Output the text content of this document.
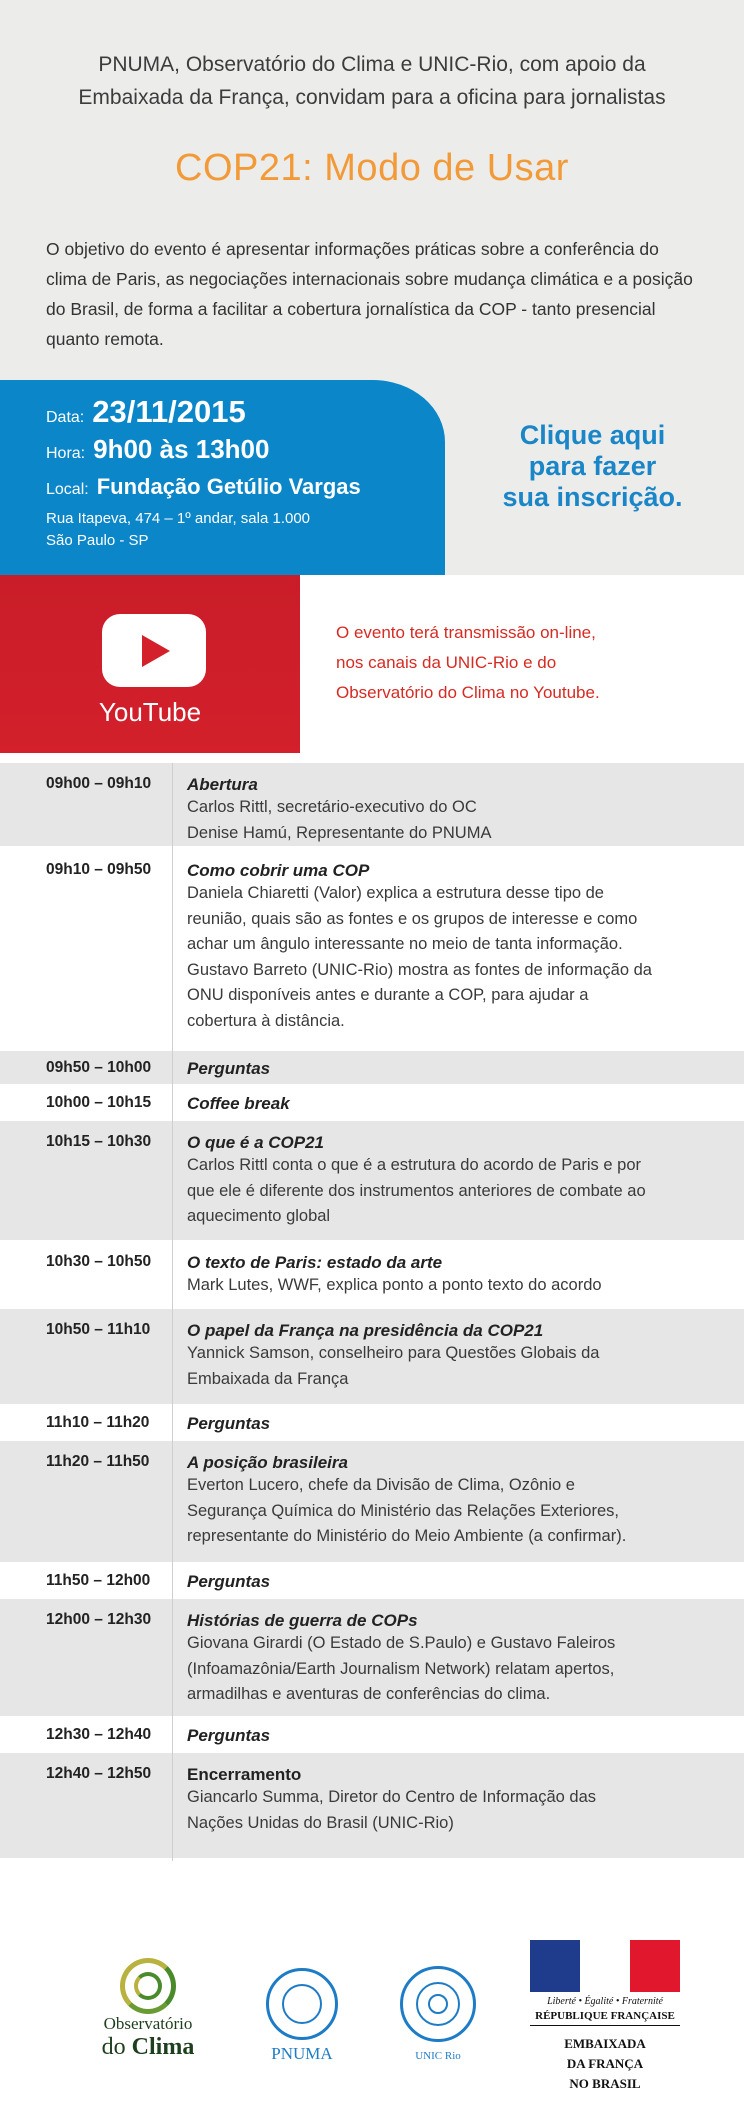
PNUMA, Observatório do Clima e UNIC-Rio, com apoio da Embaixada da França, convidam para a oficina para jornalistas
COP21: Modo de Usar
O objetivo do evento é apresentar informações práticas sobre a conferência do clima de Paris, as negociações internacionais sobre mudança climática e a posição do Brasil, de forma a facilitar a cobertura jornalística da COP - tanto presencial quanto remota.
Data: 23/11/2015
Hora: 9h00 às 13h00
Local: Fundação Getúlio Vargas
Rua Itapeva, 474 – 1º andar, sala 1.000
São Paulo - SP
Clique aqui
para fazer
sua inscrição.
YouTube
O evento terá transmissão on-line,
nos canais da UNIC-Rio e do
Observatório do Clima no Youtube.
09h00 – 09h10	Abertura
Carlos Rittl, secretário-executivo do OC
Denise Hamú, Representante do PNUMA
09h10 – 09h50	Como cobrir uma COP
Daniela Chiaretti (Valor) explica a estrutura desse tipo de
reunião, quais são as fontes e os grupos de interesse e como
achar um ângulo interessante no meio de tanta informação.
Gustavo Barreto (UNIC-Rio) mostra as fontes de informação da
ONU disponíveis antes e durante a COP, para ajudar a
cobertura à distância.
09h50 – 10h00	Perguntas
10h00 – 10h15	Coffee break
10h15 – 10h30	O que é a COP21
Carlos Rittl conta o que é a estrutura do acordo de Paris e por
que ele é diferente dos instrumentos anteriores de combate ao
aquecimento global
10h30 – 10h50	O texto de Paris: estado da arte
Mark Lutes, WWF, explica ponto a ponto texto do acordo
10h50 – 11h10	O papel da França na presidência da COP21
Yannick Samson, conselheiro para Questões Globais da
Embaixada da França
11h10 – 11h20	Perguntas
11h20 – 11h50	A posição brasileira
Everton Lucero, chefe da Divisão de Clima, Ozônio e
Segurança Química do Ministério das Relações Exteriores,
representante do Ministério do Meio Ambiente (a confirmar).
11h50 – 12h00	Perguntas
12h00 – 12h30	Histórias de guerra de COPs
Giovana Girardi (O Estado de S.Paulo) e Gustavo Faleiros
(Infoamazônia/Earth Journalism Network) relatam apertos,
armadilhas e aventuras de conferências do clima.
12h30 – 12h40	Perguntas
12h40 – 12h50	Encerramento
Giancarlo Summa, Diretor do Centro de Informação das
Nações Unidas do Brasil (UNIC-Rio)
Observatório
do Clima	PNUMA	UNIC Rio
Liberté • Égalité • Fraternité
RÉPUBLIQUE FRANÇAISE
EMBAIXADA
DA FRANÇA
NO BRASIL
